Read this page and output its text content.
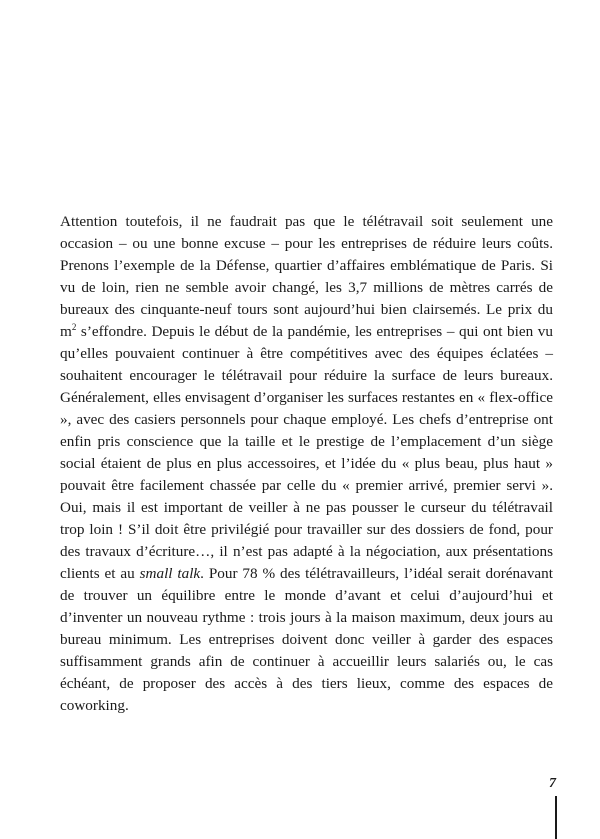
Attention toutefois, il ne faudrait pas que le télétravail soit seulement une occasion – ou une bonne excuse – pour les entreprises de réduire leurs coûts. Prenons l’exemple de la Défense, quartier d’affaires emblématique de Paris. Si vu de loin, rien ne semble avoir changé, les 3,7 millions de mètres carrés de bureaux des cinquante-neuf tours sont aujourd’hui bien clairsemés. Le prix du $m^2$ s’effondre. Depuis le début de la pandémie, les entreprises – qui ont bien vu qu’elles pouvaient continuer à être compétitives avec des équipes éclatées – souhaitent encourager le télétravail pour réduire la surface de leurs bureaux. Généralement, elles envisagent d’organiser les surfaces restantes en « flex-office », avec des casiers personnels pour chaque employé. Les chefs d’entreprise ont enfin pris conscience que la taille et le prestige de l’emplacement d’un siège social étaient de plus en plus accessoires, et l’idée du « plus beau, plus haut » pouvait être facilement chassée par celle du « premier arrivé, premier servi ». Oui, mais il est important de veiller à ne pas pousser le curseur du télétravail trop loin ! S’il doit être privilégié pour travailler sur des dossiers de fond, pour des travaux d’écriture…, il n’est pas adapté à la négociation, aux présentations clients et au small talk. Pour 78 % des télétravailleurs, l’idéal serait dorénavant de trouver un équilibre entre le monde d’avant et celui d’aujourd’hui et d’inventer un nouveau rythme : trois jours à la maison maximum, deux jours au bureau minimum. Les entreprises doivent donc veiller à garder des espaces suffisamment grands afin de continuer à accueillir leurs salariés ou, le cas échéant, de proposer des accès à des tiers lieux, comme des espaces de coworking.

7
